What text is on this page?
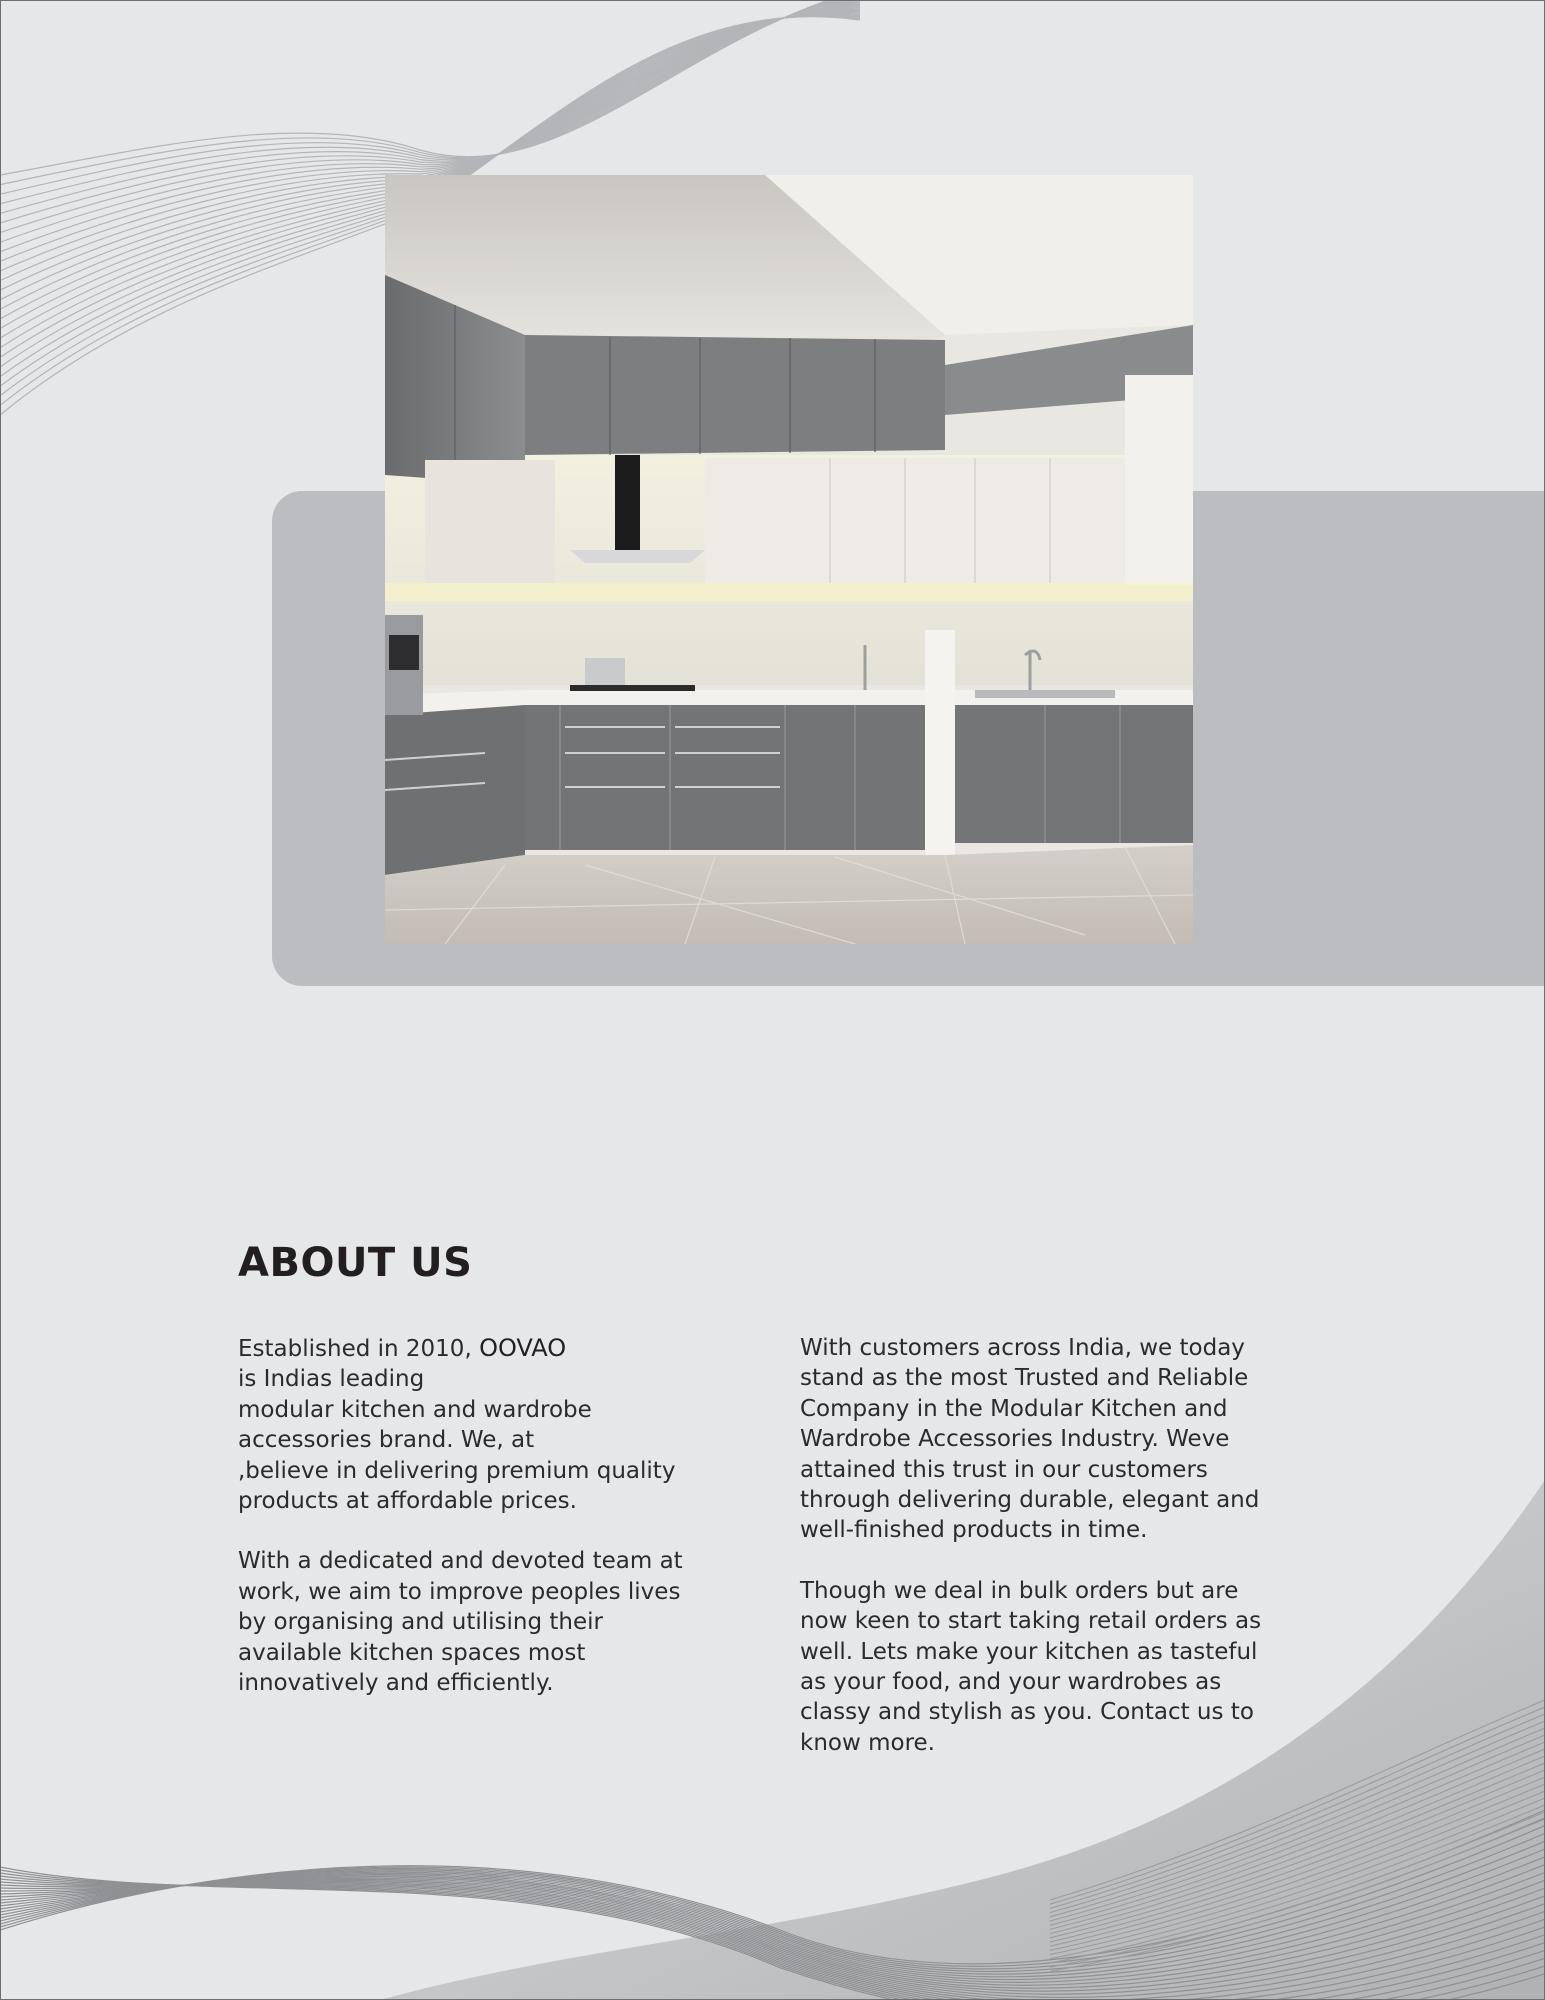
ABOUT US

Established in 2010, OOVAO
is Indias leading
modular kitchen and wardrobe
accessories brand. We, at
,believe in delivering premium quality
products at affordable prices.

With a dedicated and devoted team at
work, we aim to improve peoples lives
by organising and utilising their
available kitchen spaces most
innovatively and efficiently.

With customers across India, we today
stand as the most Trusted and Reliable
Company in the Modular Kitchen and
Wardrobe Accessories Industry. Weve
attained this trust in our customers
through delivering durable, elegant and
well-finished products in time.

Though we deal in bulk orders but are
now keen to start taking retail orders as
well. Lets make your kitchen as tasteful
as your food, and your wardrobes as
classy and stylish as you. Contact us to
know more.
